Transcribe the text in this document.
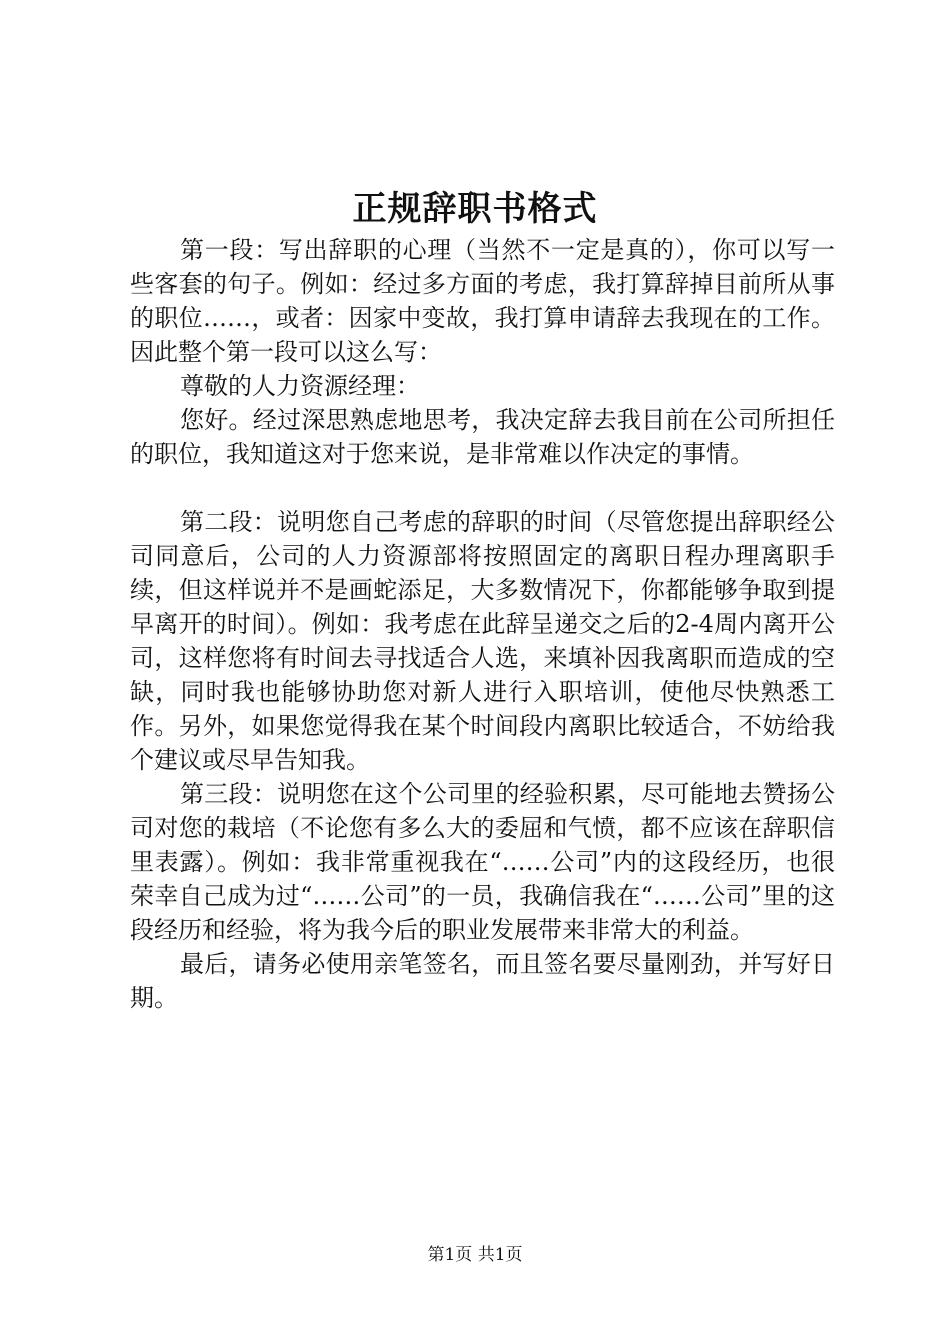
正规辞职书格式

第一段：写出辞职的心理（当然不一定是真的），你可以写一些客套的句子。例如：经过多方面的考虑，我打算辞掉目前所从事的职位……，或者：因家中变故，我打算申请辞去我现在的工作。因此整个第一段可以这么写：

尊敬的人力资源经理：

您好。经过深思熟虑地思考，我决定辞去我目前在公司所担任的职位，我知道这对于您来说，是非常难以作决定的事情。

第二段：说明您自己考虑的辞职的时间（尽管您提出辞职经公司同意后，公司的人力资源部将按照固定的离职日程办理离职手续，但这样说并不是画蛇添足，大多数情况下，你都能够争取到提早离开的时间）。例如：我考虑在此辞呈递交之后的2-4周内离开公司，这样您将有时间去寻找适合人选，来填补因我离职而造成的空缺，同时我也能够协助您对新人进行入职培训，使他尽快熟悉工作。另外，如果您觉得我在某个时间段内离职比较适合，不妨给我个建议或尽早告知我。

第三段：说明您在这个公司里的经验积累，尽可能地去赞扬公司对您的栽培（不论您有多么大的委屈和气愤，都不应该在辞职信里表露）。例如：我非常重视我在“……公司”内的这段经历，也很荣幸自己成为过“……公司”的一员，我确信我在“……公司”里的这段经历和经验，将为我今后的职业发展带来非常大的利益。

最后，请务必使用亲笔签名，而且签名要尽量刚劲，并写好日期。

第1页 共1页
